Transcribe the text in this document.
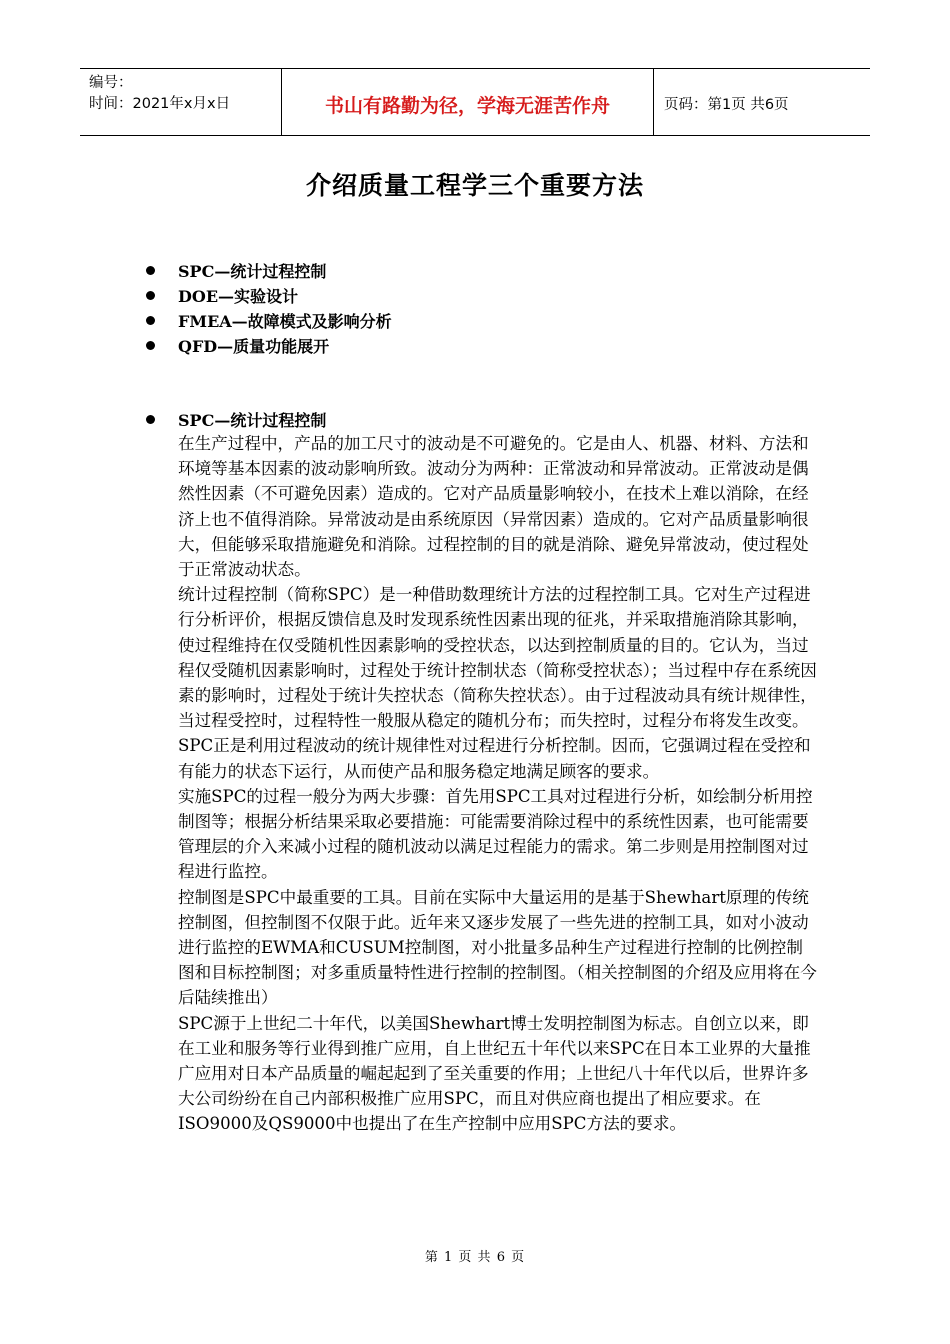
编号：
时间：2021年x月x日	书山有路勤为径，学海无涯苦作舟	页码：第1页 共6页
介绍质量工程学三个重要方法
SPC—统计过程控制
DOE—实验设计
FMEA—故障模式及影响分析
QFD—质量功能展开
SPC—统计过程控制

在生产过程中，产品的加工尺寸的波动是不可避免的。它是由人、机器、材料、方法和环境等基本因素的波动影响所致。波动分为两种：正常波动和异常波动。正常波动是偶然性因素（不可避免因素）造成的。它对产品质量影响较小，在技术上难以消除，在经济上也不值得消除。异常波动是由系统原因（异常因素）造成的。它对产品质量影响很大，但能够采取措施避免和消除。过程控制的目的就是消除、避免异常波动，使过程处于正常波动状态。

统计过程控制（简称SPC）是一种借助数理统计方法的过程控制工具。它对生产过程进行分析评价，根据反馈信息及时发现系统性因素出现的征兆，并采取措施消除其影响，使过程维持在仅受随机性因素影响的受控状态，以达到控制质量的目的。它认为，当过程仅受随机因素影响时，过程处于统计控制状态（简称受控状态）；当过程中存在系统因素的影响时，过程处于统计失控状态（简称失控状态）。由于过程波动具有统计规律性，当过程受控时，过程特性一般服从稳定的随机分布；而失控时，过程分布将发生改变。SPC正是利用过程波动的统计规律性对过程进行分析控制。因而，它强调过程在受控和有能力的状态下运行，从而使产品和服务稳定地满足顾客的要求。

实施SPC的过程一般分为两大步骤：首先用SPC工具对过程进行分析，如绘制分析用控制图等；根据分析结果采取必要措施：可能需要消除过程中的系统性因素，也可能需要管理层的介入来减小过程的随机波动以满足过程能力的需求。第二步则是用控制图对过程进行监控。

控制图是SPC中最重要的工具。目前在实际中大量运用的是基于Shewhart原理的传统控制图，但控制图不仅限于此。近年来又逐步发展了一些先进的控制工具，如对小波动进行监控的EWMA和CUSUM控制图，对小批量多品种生产过程进行控制的比例控制图和目标控制图；对多重质量特性进行控制的控制图。（相关控制图的介绍及应用将在今后陆续推出）

SPC源于上世纪二十年代，以美国Shewhart博士发明控制图为标志。自创立以来，即在工业和服务等行业得到推广应用，自上世纪五十年代以来SPC在日本工业界的大量推广应用对日本产品质量的崛起起到了至关重要的作用；上世纪八十年代以后，世界许多大公司纷纷在自己内部积极推广应用SPC，而且对供应商也提出了相应要求。在ISO9000及QS9000中也提出了在生产控制中应用SPC方法的要求。

第 1 页 共 6 页
